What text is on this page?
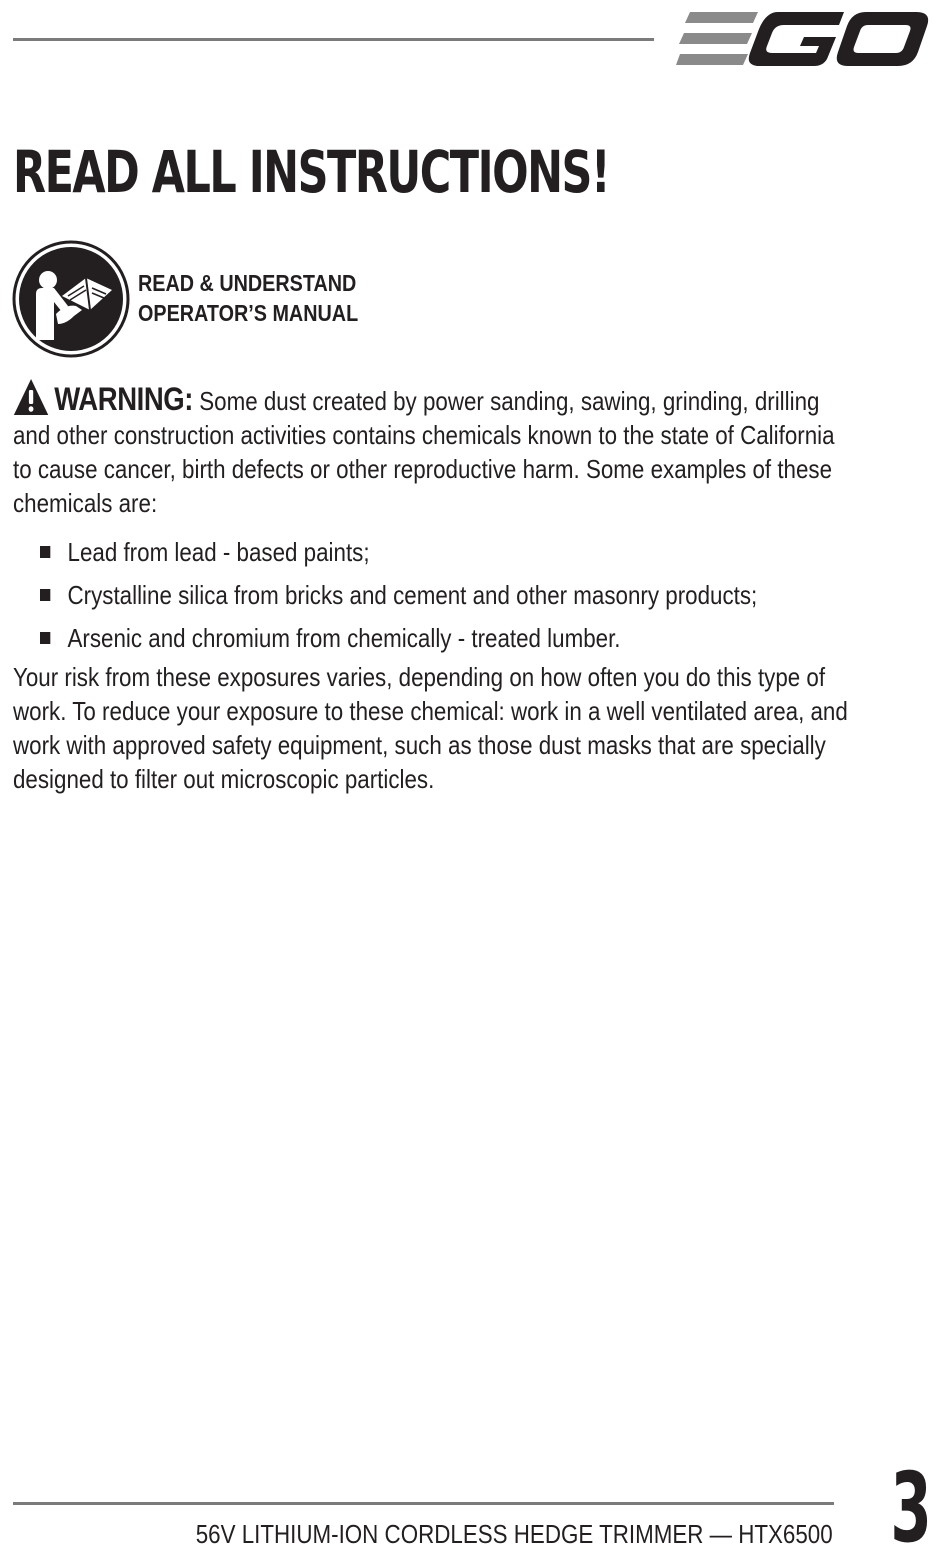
READ ALL INSTRUCTIONS!
READ & UNDERSTAND
OPERATOR’S MANUAL
WARNING: Some dust created by power sanding, sawing, grinding, drilling
and other construction activities contains chemicals known to the state of California
to cause cancer, birth defects or other reproductive harm. Some examples of these
chemicals are:
Lead from lead - based paints;
Crystalline silica from bricks and cement and other masonry products;
Arsenic and chromium from chemically - treated lumber.
Your risk from these exposures varies, depending on how often you do this type of
work. To reduce your exposure to these chemical: work in a well ventilated area, and
work with approved safety equipment, such as those dust masks that are specially
designed to filter out microscopic particles.
56V LITHIUM-ION CORDLESS HEDGE TRIMMER — HTX6500 3
